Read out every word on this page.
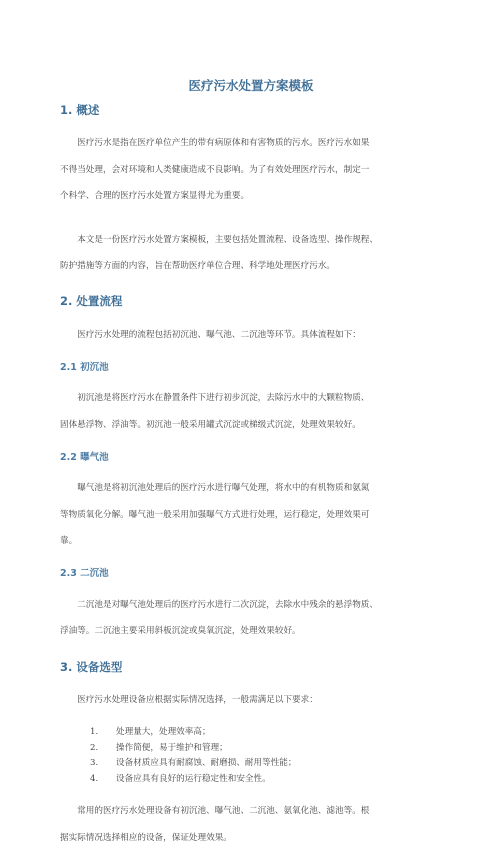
医疗污水处置方案模板
1. 概述

医疗污水是指在医疗单位产生的带有病原体和有害物质的污水。医疗污水如果

不得当处理，会对环境和人类健康造成不良影响。为了有效处理医疗污水，制定一

个科学、合理的医疗污水处置方案显得尤为重要。

本文是一份医疗污水处置方案模板，主要包括处置流程、设备选型、操作规程、

防护措施等方面的内容，旨在帮助医疗单位合理、科学地处理医疗污水。

2. 处置流程

医疗污水处理的流程包括初沉池、曝气池、二沉池等环节。具体流程如下：

2.1 初沉池

初沉池是将医疗污水在静置条件下进行初步沉淀，去除污水中的大颗粒物质、

固体悬浮物、浮油等。初沉池一般采用罐式沉淀或梯级式沉淀，处理效果较好。

2.2 曝气池

曝气池是将初沉池处理后的医疗污水进行曝气处理，将水中的有机物质和氨氮

等物质氧化分解。曝气池一般采用加强曝气方式进行处理，运行稳定，处理效果可

靠。

2.3 二沉池

二沉池是对曝气池处理后的医疗污水进行二次沉淀，去除水中残余的悬浮物质、

浮油等。二沉池主要采用斜板沉淀或臭氧沉淀，处理效果较好。

3. 设备选型

医疗污水处理设备应根据实际情况选择，一般需满足以下要求：

1.	处理量大，处理效率高；
2.	操作简便，易于维护和管理；
3.	设备材质应具有耐腐蚀、耐磨损、耐用等性能；
4.	设备应具有良好的运行稳定性和安全性。

常用的医疗污水处理设备有初沉池、曝气池、二沉池、氨氧化池、滤池等。根

据实际情况选择相应的设备，保证处理效果。
